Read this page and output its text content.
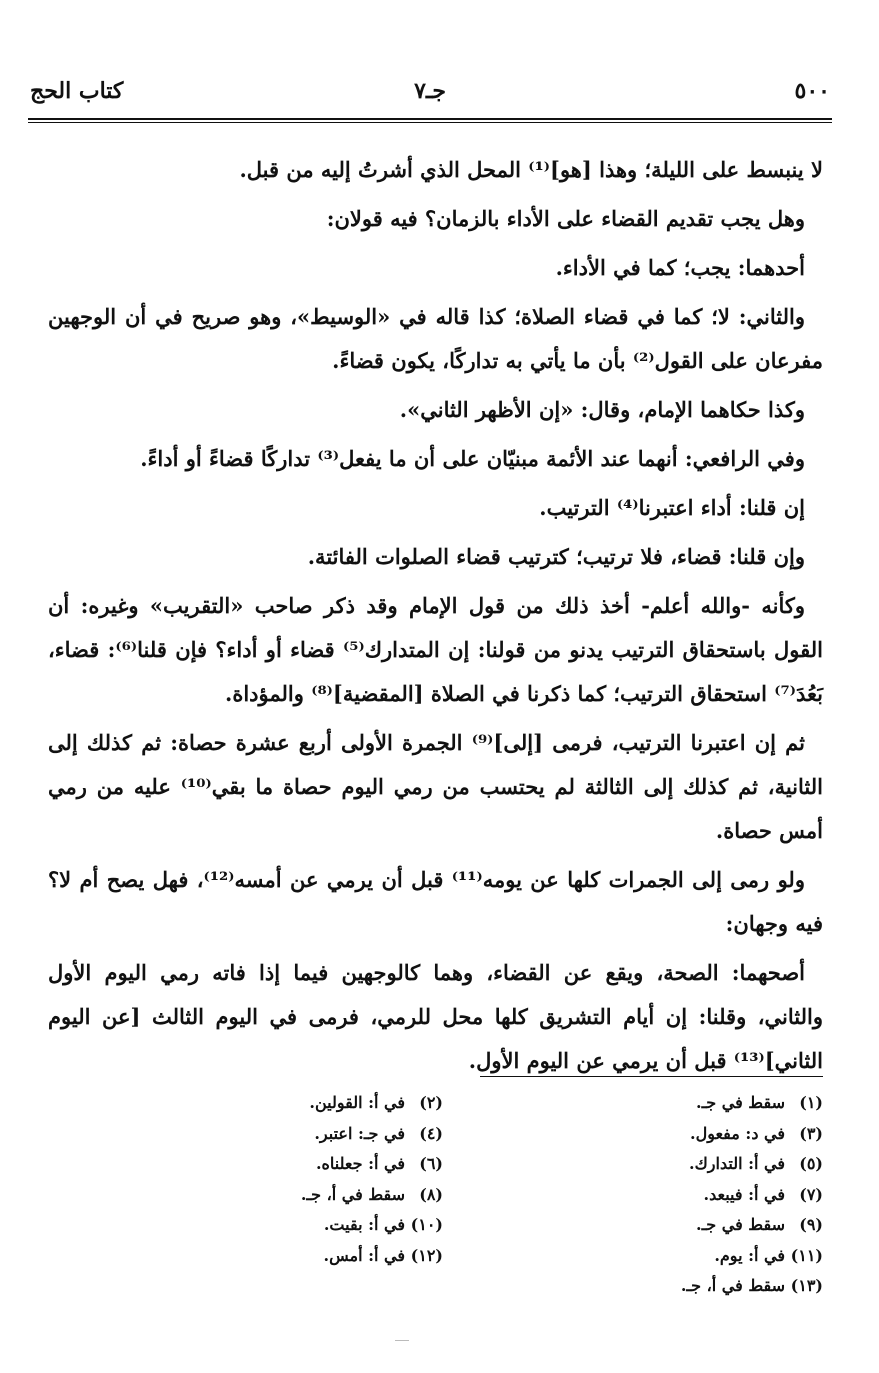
٥٠٠
جـ٧
كتاب الحج

لا ينبسط على الليلة؛ وهذا [هو]⁽¹⁾ المحل الذي أشرتُ إليه من قبل.

وهل يجب تقديم القضاء على الأداء بالزمان؟ فيه قولان:

أحدهما: يجب؛ كما في الأداء.

والثاني: لا؛ كما في قضاء الصلاة؛ كذا قاله في «الوسيط»، وهو صريح في أن الوجهين مفرعان على القول⁽²⁾ بأن ما يأتي به تداركًا، يكون قضاءً.

وكذا حكاهما الإمام، وقال: «إن الأظهر الثاني».

وفي الرافعي: أنهما عند الأئمة مبنيّان على أن ما يفعل⁽³⁾ تداركًا قضاءً أو أداءً.

إن قلنا: أداء اعتبرنا⁽⁴⁾ الترتيب.

وإن قلنا: قضاء، فلا ترتيب؛ كترتيب قضاء الصلوات الفائتة.

وكأنه -والله أعلم- أخذ ذلك من قول الإمام وقد ذكر صاحب «التقريب» وغيره: أن القول باستحقاق الترتيب يدنو من قولنا: إن المتدارك⁽⁵⁾ قضاء أو أداء؟ فإن قلنا⁽⁶⁾: قضاء، بَعُدَ⁽⁷⁾ استحقاق الترتيب؛ كما ذكرنا في الصلاة [المقضية]⁽⁸⁾ والمؤداة.

ثم إن اعتبرنا الترتيب، فرمى [إلى]⁽⁹⁾ الجمرة الأولى أربع عشرة حصاة: ثم كذلك إلى الثانية، ثم كذلك إلى الثالثة لم يحتسب من رمي اليوم حصاة ما بقي⁽¹⁰⁾ عليه من رمي أمس حصاة.

ولو رمى إلى الجمرات كلها عن يومه⁽¹¹⁾ قبل أن يرمي عن أمسه⁽¹²⁾، فهل يصح أم لا؟ فيه وجهان:

أصحهما: الصحة، ويقع عن القضاء، وهما كالوجهين فيما إذا فاته رمي اليوم الأول والثاني، وقلنا: إن أيام التشريق كلها محل للرمي، فرمى في اليوم الثالث [عن اليوم الثاني]⁽¹³⁾ قبل أن يرمي عن اليوم الأول.

(١)سقط في جـ.
(٣)في د: مفعول.
(٥)في أ: التدارك.
(٧)في أ: فيبعد.
(٩)سقط في جـ.
(١١)في أ: يوم.
(١٣)سقط في أ، جـ.
(٢)في أ: القولين.
(٤)في جـ: اعتبر.
(٦)في أ: جعلناه.
(٨)سقط في أ، جـ.
(١٠)في أ: بقيت.
(١٢)في أ: أمس.
